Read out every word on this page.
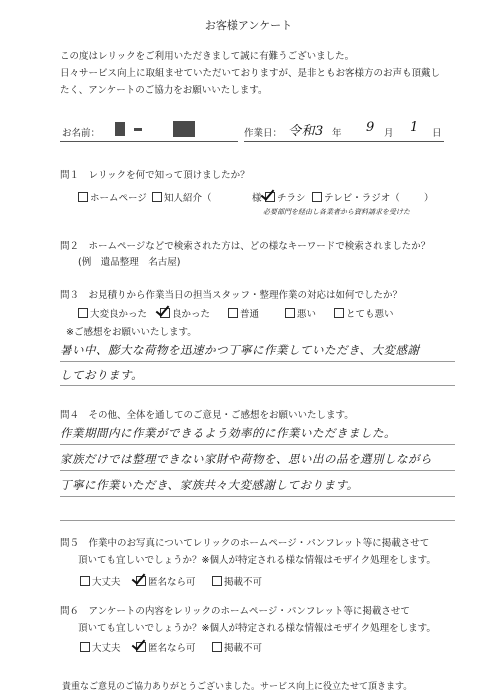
お客様アンケート
この度はレリックをご利用いただきまして誠に有難うございました。
日々サービス向上に取組ませていただいておりますが、是非ともお客様方のお声も頂戴し
たく、アンケートのご協力をお願いいたします。
お名前：	作業日： 令和3 年 9 月 1 日
問１　レリックを何で知って頂けましたか？
ホームページ 知人紹介（	様 チラシ テレビ・ラジオ（	）
必要部門を経由し各業者から資料請求を受けた
問２　ホームページなどで検索された方は、どの様なキーワードで検索されましたか？
(例　遺品整理　名古屋)
問３　お見積りから作業当日の担当スタッフ・整理作業の対応は如何でしたか？
大変良かった	良かった	普通	悪い	とても悪い
※ご感想をお願いいたします。
暑い中、膨大な荷物を迅速かつ丁寧に作業していただき、大変感謝
しております。
問４　その他、全体を通してのご意見・ご感想をお願いいたします。
作業期間内に作業ができるよう効率的に作業いただきました。
家族だけでは整理できない家財や荷物を、思い出の品を選別しながら
丁寧に作業いただき、家族共々大変感謝しております。
問５　作業中のお写真についてレリックのホームページ・パンフレット等に掲載させて
頂いても宜しいでしょうか？※個人が特定される様な情報はモザイク処理をします。
大丈夫	匿名なら可	掲載不可
問６　アンケートの内容をレリックのホームページ・パンフレット等に掲載させて
頂いても宜しいでしょうか？※個人が特定される様な情報はモザイク処理をします。
大丈夫	匿名なら可	掲載不可
貴重なご意見のご協力ありがとうございました。サービス向上に役立たせて頂きます。
